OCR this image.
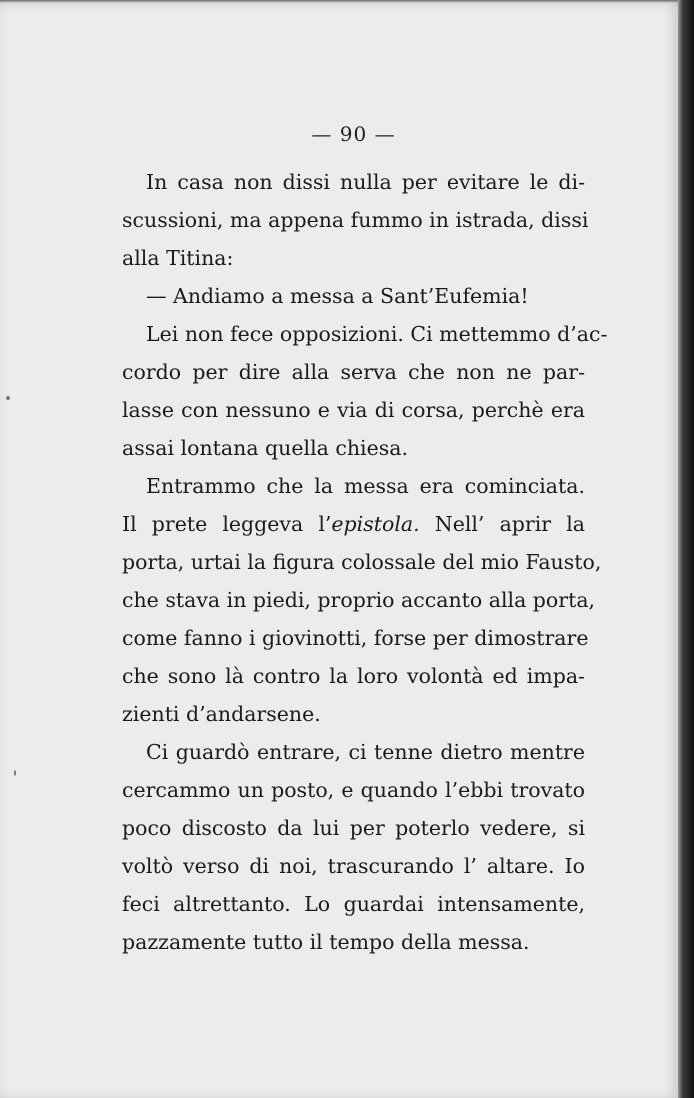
— 90 —
In casa non dissi nulla per evitare le di-
scussioni, ma appena fummo in istrada, dissi
alla Titina:
— Andiamo a messa a Sant’Eufemia!
Lei non fece opposizioni. Ci mettemmo d’ac-
cordo per dire alla serva che non ne par-
lasse con nessuno e via di corsa, perchè era
assai lontana quella chiesa.
Entrammo che la messa era cominciata.
Il prete leggeva l’epistola. Nell’ aprir la
porta, urtai la figura colossale del mio Fausto,
che stava in piedi, proprio accanto alla porta,
come fanno i giovinotti, forse per dimostrare
che sono là contro la loro volontà ed impa-
zienti d’andarsene.
Ci guardò entrare, ci tenne dietro mentre
cercammo un posto, e quando l’ebbi trovato
poco discosto da lui per poterlo vedere, si
voltò verso di noi, trascurando l’ altare. Io
feci altrettanto. Lo guardai intensamente,
pazzamente tutto il tempo della messa.
